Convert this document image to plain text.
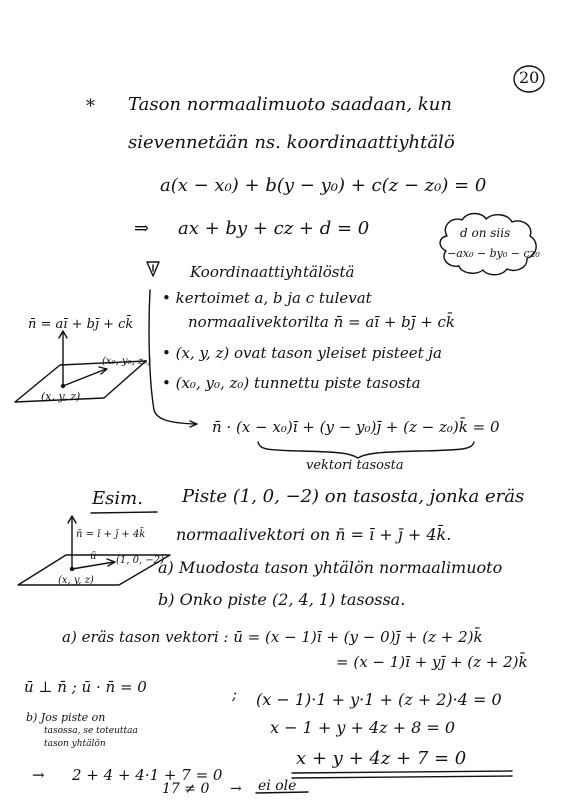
20
* Tason normaalimuoto saadaan, kun
sievennetään ns. koordinaattiyhtälö
a(x − x₀) + b(y − y₀) + c(z − z₀) = 0
⇒ ax + by + cz + d = 0	d on siis
−ax₀ − by₀ − cz₀
Koordinaattiyhtälöstä
• kertoimet a, b ja c tulevat
normaalivektorilta n̄ = aī + bj̄ + ck̄
• (x, y, z) ovat tason yleiset pisteet ja
• (x₀, y₀, z₀) tunnettu piste tasosta
n̄ · (x − x₀)ī + (y − y₀)j̄ + (z − z₀)k̄ = 0
vektori tasosta
n̄ = aī + bj̄ + ck̄
(x₀, y₀, z₀)
(x, y, z)
Esim. Piste (1, 0, −2) on tasosta, jonka eräs
normaalivektori on n̄ = ī + j̄ + 4k̄.
a) Muodosta tason yhtälön normaalimuoto
b) Onko piste (2, 4, 1) tasossa.
n̄ = ī + j̄ + 4k̄
ū (1, 0, −2)
(x, y, z)
a) eräs tason vektori : ū = (x − 1)ī + (y − 0)j̄ + (z + 2)k̄
= (x − 1)ī + yj̄ + (z + 2)k̄
ū ⊥ n̄ ; ū · n̄ = 0	; (x − 1)·1 + y·1 + (z + 2)·4 = 0
x − 1 + y + 4z + 8 = 0
x + y + 4z + 7 = 0
b) Jos piste on
tasossa, se toteuttaa
tason yhtälön
→ 2 + 4 + 4·1 + 7 = 0
17 ≠ 0 → ei ole
